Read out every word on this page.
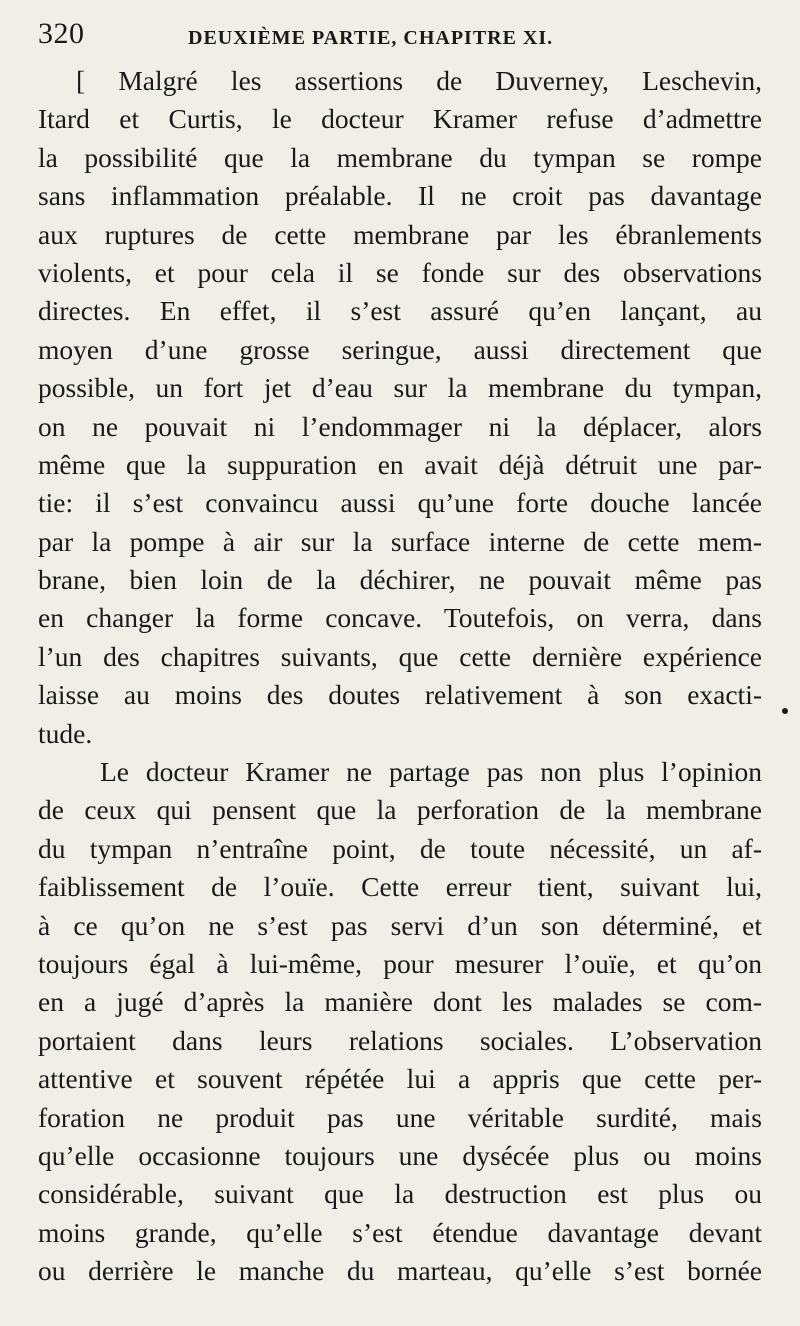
320	DEUXIÈME PARTIE, CHAPITRE XI.
[ Malgré les assertions de Duverney, Leschevin,
Itard et Curtis, le docteur Kramer refuse d’admettre
la possibilité que la membrane du tympan se rompe
sans inflammation préalable. Il ne croit pas davantage
aux ruptures de cette membrane par les ébranlements
violents, et pour cela il se fonde sur des observations
directes. En effet, il s’est assuré qu’en lançant, au
moyen d’une grosse seringue, aussi directement que
possible, un fort jet d’eau sur la membrane du tympan,
on ne pouvait ni l’endommager ni la déplacer, alors
même que la suppuration en avait déjà détruit une par-
tie: il s’est convaincu aussi qu’une forte douche lancée
par la pompe à air sur la surface interne de cette mem-
brane, bien loin de la déchirer, ne pouvait même pas
en changer la forme concave. Toutefois, on verra, dans
l’un des chapitres suivants, que cette dernière expérience
laisse au moins des doutes relativement à son exacti-
tude.
Le docteur Kramer ne partage pas non plus l’opinion
de ceux qui pensent que la perforation de la membrane
du tympan n’entraîne point, de toute nécessité, un af-
faiblissement de l’ouïe. Cette erreur tient, suivant lui,
à ce qu’on ne s’est pas servi d’un son déterminé, et
toujours égal à lui-même, pour mesurer l’ouïe, et qu’on
en a jugé d’après la manière dont les malades se com-
portaient dans leurs relations sociales. L’observation
attentive et souvent répétée lui a appris que cette per-
foration ne produit pas une véritable surdité, mais
qu’elle occasionne toujours une dysécée plus ou moins
considérable, suivant que la destruction est plus ou
moins grande, qu’elle s’est étendue davantage devant
ou derrière le manche du marteau, qu’elle s’est bornée
